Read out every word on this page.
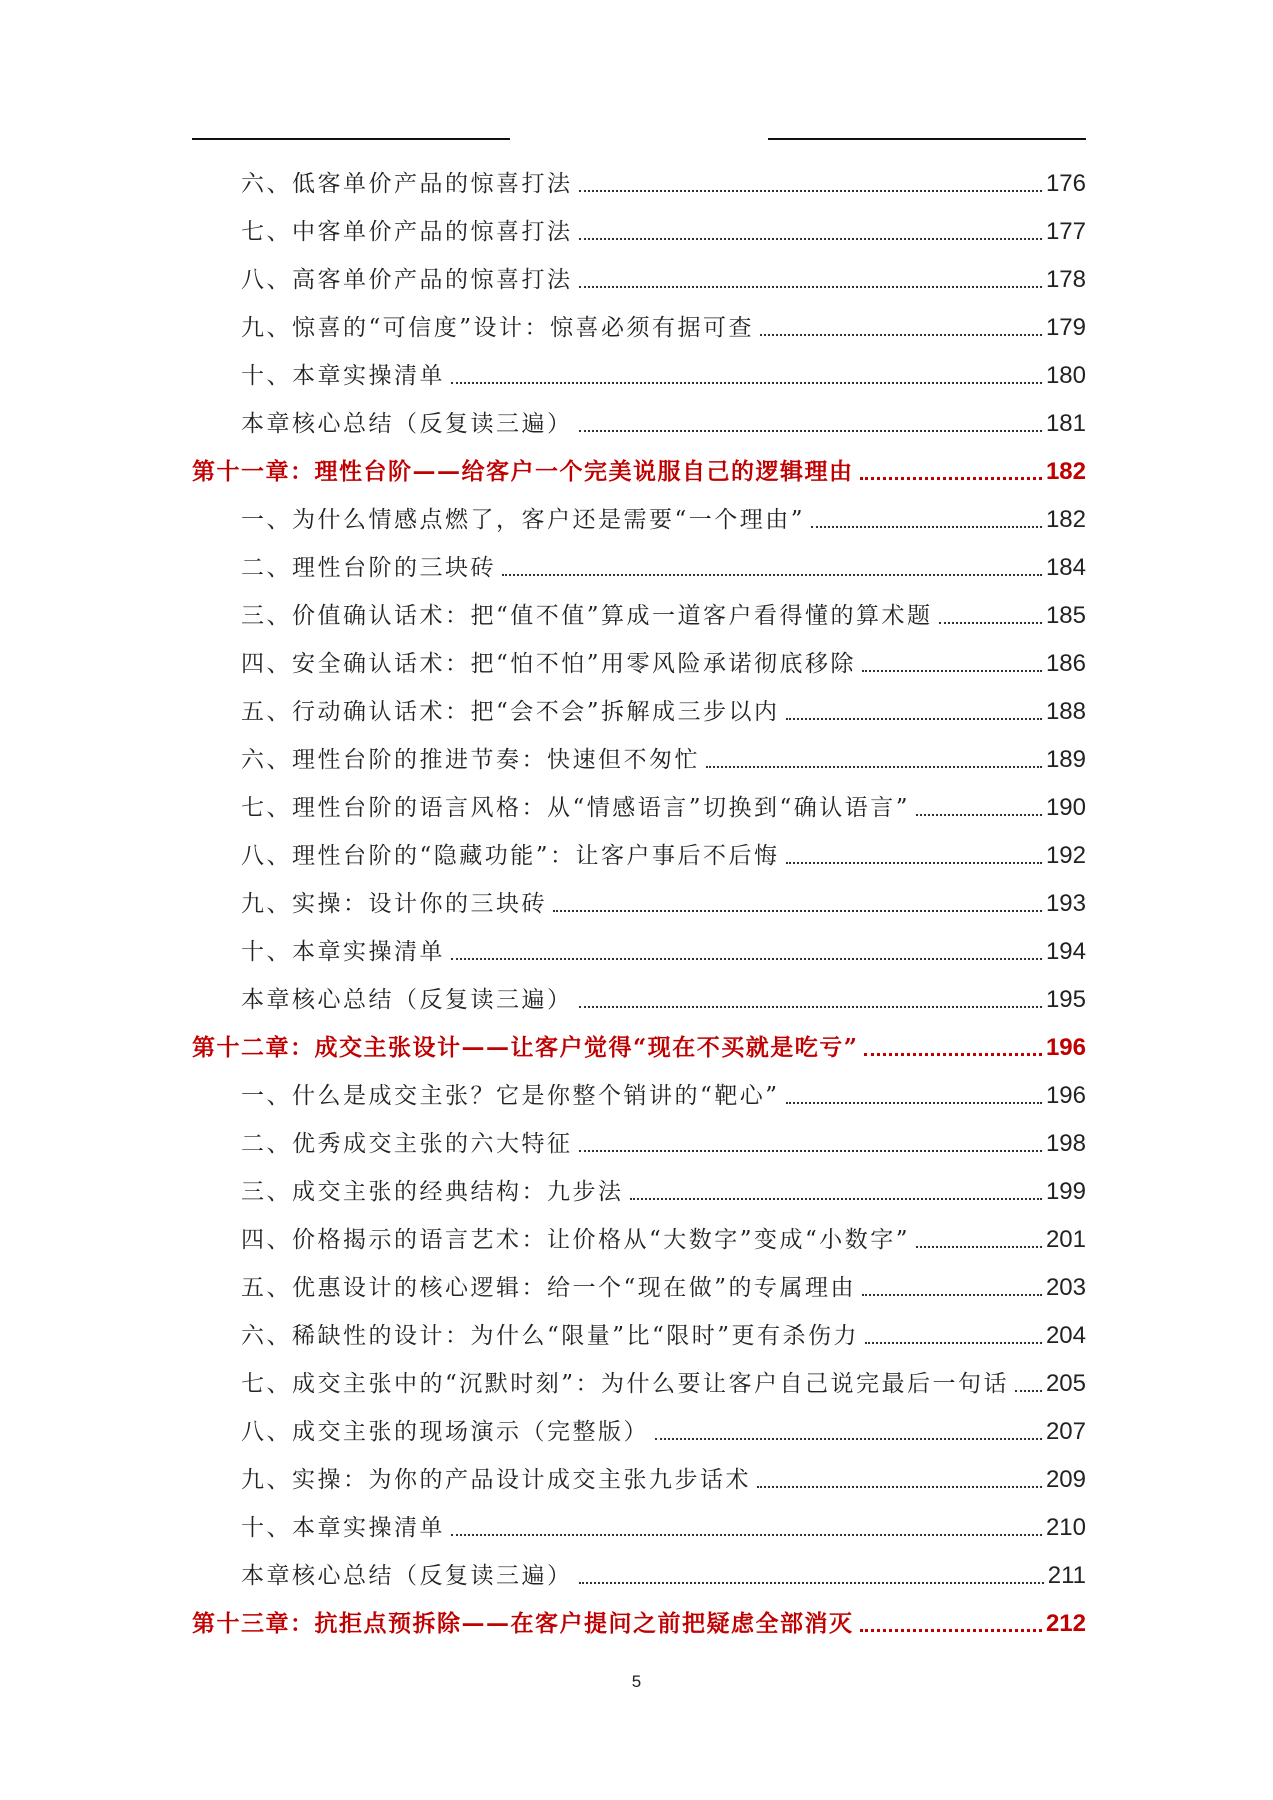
六、低客单价产品的惊喜打法	176
七、中客单价产品的惊喜打法	177
八、高客单价产品的惊喜打法	178
九、惊喜的“可信度”设计：惊喜必须有据可查	179
十、本章实操清单	180
本章核心总结（反复读三遍）	181
第十一章：理性台阶——给客户一个完美说服自己的逻辑理由	182
一、为什么情感点燃了，客户还是需要“一个理由”	182
二、理性台阶的三块砖	184
三、价值确认话术：把“值不值”算成一道客户看得懂的算术题	185
四、安全确认话术：把“怕不怕”用零风险承诺彻底移除	186
五、行动确认话术：把“会不会”拆解成三步以内	188
六、理性台阶的推进节奏：快速但不匆忙	189
七、理性台阶的语言风格：从“情感语言”切换到“确认语言”	190
八、理性台阶的“隐藏功能”：让客户事后不后悔	192
九、实操：设计你的三块砖	193
十、本章实操清单	194
本章核心总结（反复读三遍）	195
第十二章：成交主张设计——让客户觉得“现在不买就是吃亏”	196
一、什么是成交主张？它是你整个销讲的“靶心”	196
二、优秀成交主张的六大特征	198
三、成交主张的经典结构：九步法	199
四、价格揭示的语言艺术：让价格从“大数字”变成“小数字”	201
五、优惠设计的核心逻辑：给一个“现在做”的专属理由	203
六、稀缺性的设计：为什么“限量”比“限时”更有杀伤力	204
七、成交主张中的“沉默时刻”：为什么要让客户自己说完最后一句话 205
八、成交主张的现场演示（完整版）	207
九、实操：为你的产品设计成交主张九步话术	209
十、本章实操清单	210
本章核心总结（反复读三遍）	211
第十三章：抗拒点预拆除——在客户提问之前把疑虑全部消灭	212
5
